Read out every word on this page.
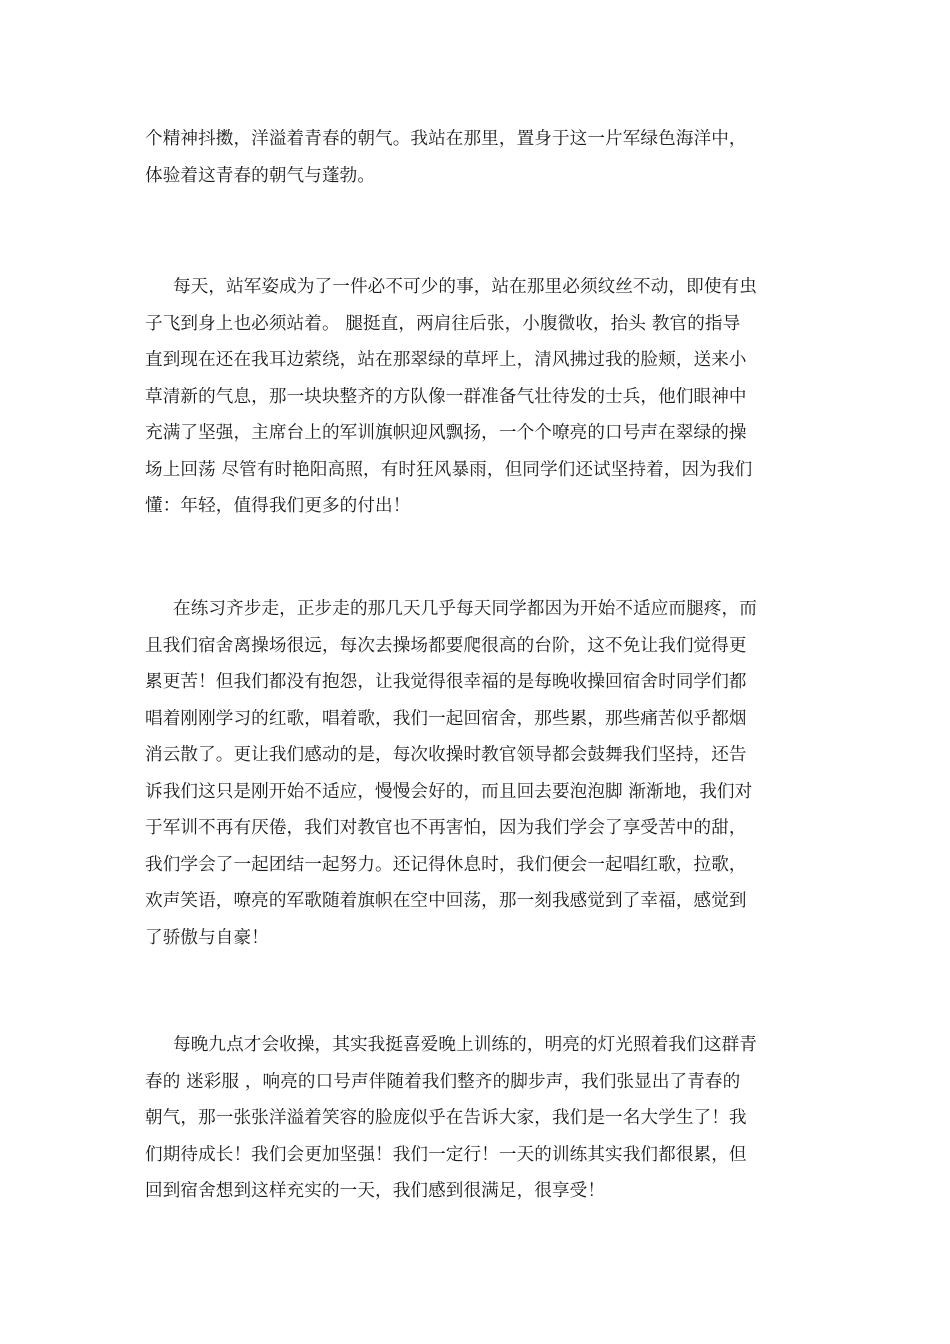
个精神抖擞，洋溢着青春的朝气。我站在那里，置身于这一片军绿色海洋中，
体验着这青春的朝气与蓬勃。

每天，站军姿成为了一件必不可少的事，站在那里必须纹丝不动，即使有虫
子飞到身上也必须站着。 腿挺直，两肩往后张，小腹微收，抬头 教官的指导
直到现在还在我耳边萦绕，站在那翠绿的草坪上，清风拂过我的脸颊，送来小
草清新的气息，那一块块整齐的方队像一群准备气壮待发的士兵，他们眼神中
充满了坚强，主席台上的军训旗帜迎风飘扬，一个个嘹亮的口号声在翠绿的操
场上回荡 尽管有时艳阳高照，有时狂风暴雨，但同学们还试坚持着，因为我们
懂：年轻，值得我们更多的付出！

在练习齐步走，正步走的那几天几乎每天同学都因为开始不适应而腿疼，而
且我们宿舍离操场很远，每次去操场都要爬很高的台阶，这不免让我们觉得更
累更苦！但我们都没有抱怨，让我觉得很幸福的是每晚收操回宿舍时同学们都
唱着刚刚学习的红歌，唱着歌，我们一起回宿舍，那些累，那些痛苦似乎都烟
消云散了。更让我们感动的是，每次收操时教官领导都会鼓舞我们坚持，还告
诉我们这只是刚开始不适应，慢慢会好的，而且回去要泡泡脚 渐渐地，我们对
于军训不再有厌倦，我们对教官也不再害怕，因为我们学会了享受苦中的甜，
我们学会了一起团结一起努力。还记得休息时，我们便会一起唱红歌，拉歌，
欢声笑语，嘹亮的军歌随着旗帜在空中回荡，那一刻我感觉到了幸福，感觉到
了骄傲与自豪！

每晚九点才会收操，其实我挺喜爱晚上训练的，明亮的灯光照着我们这群青
春的 迷彩服 ，响亮的口号声伴随着我们整齐的脚步声，我们张显出了青春的
朝气，那一张张洋溢着笑容的脸庞似乎在告诉大家，我们是一名大学生了！我
们期待成长！我们会更加坚强！我们一定行！一天的训练其实我们都很累，但
回到宿舍想到这样充实的一天，我们感到很满足，很享受！
